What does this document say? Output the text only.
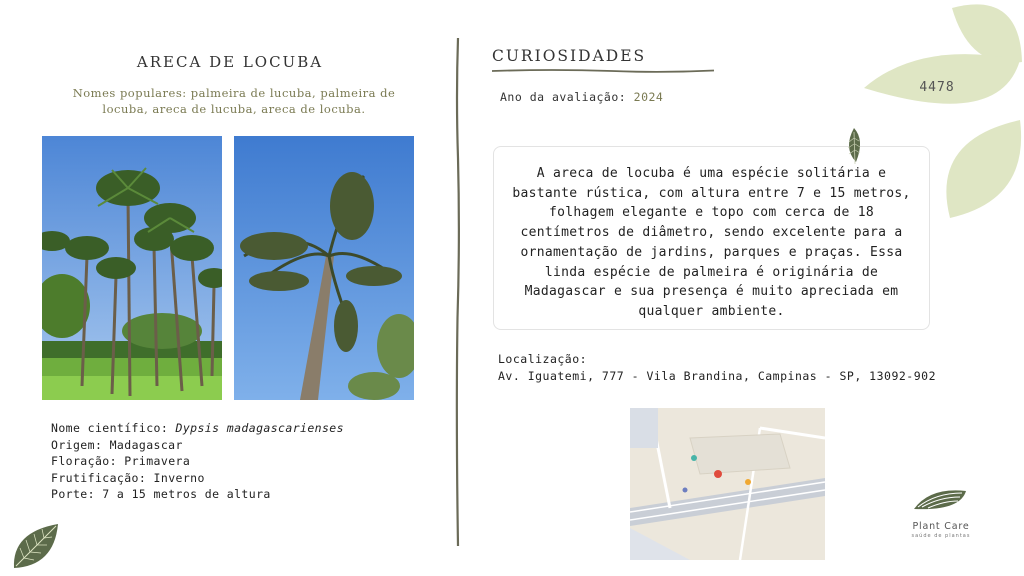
ARECA DE LOCUBA
Nomes populares: palmeira de lucuba, palmeira de locuba, areca de lucuba, areca de locuba.
Nome científico: Dypsis madagascarienses
Origem: Madagascar
Floração: Primavera
Frutificação: Inverno
Porte: 7 a 15 metros de altura
CURIOSIDADES
Ano da avaliação: 2024
A areca de locuba é uma espécie solitária e bastante rústica, com altura entre 7 e 15 metros, folhagem elegante e topo com cerca de 18 centímetros de diâmetro, sendo excelente para a ornamentação de jardins, parques e praças. Essa linda espécie de palmeira é originária de Madagascar e sua presença é muito apreciada em qualquer ambiente.
Localização:
Av. Iguatemi, 777 - Vila Brandina, Campinas - SP, 13092-902
4478
Plant Care
saúde de plantas
